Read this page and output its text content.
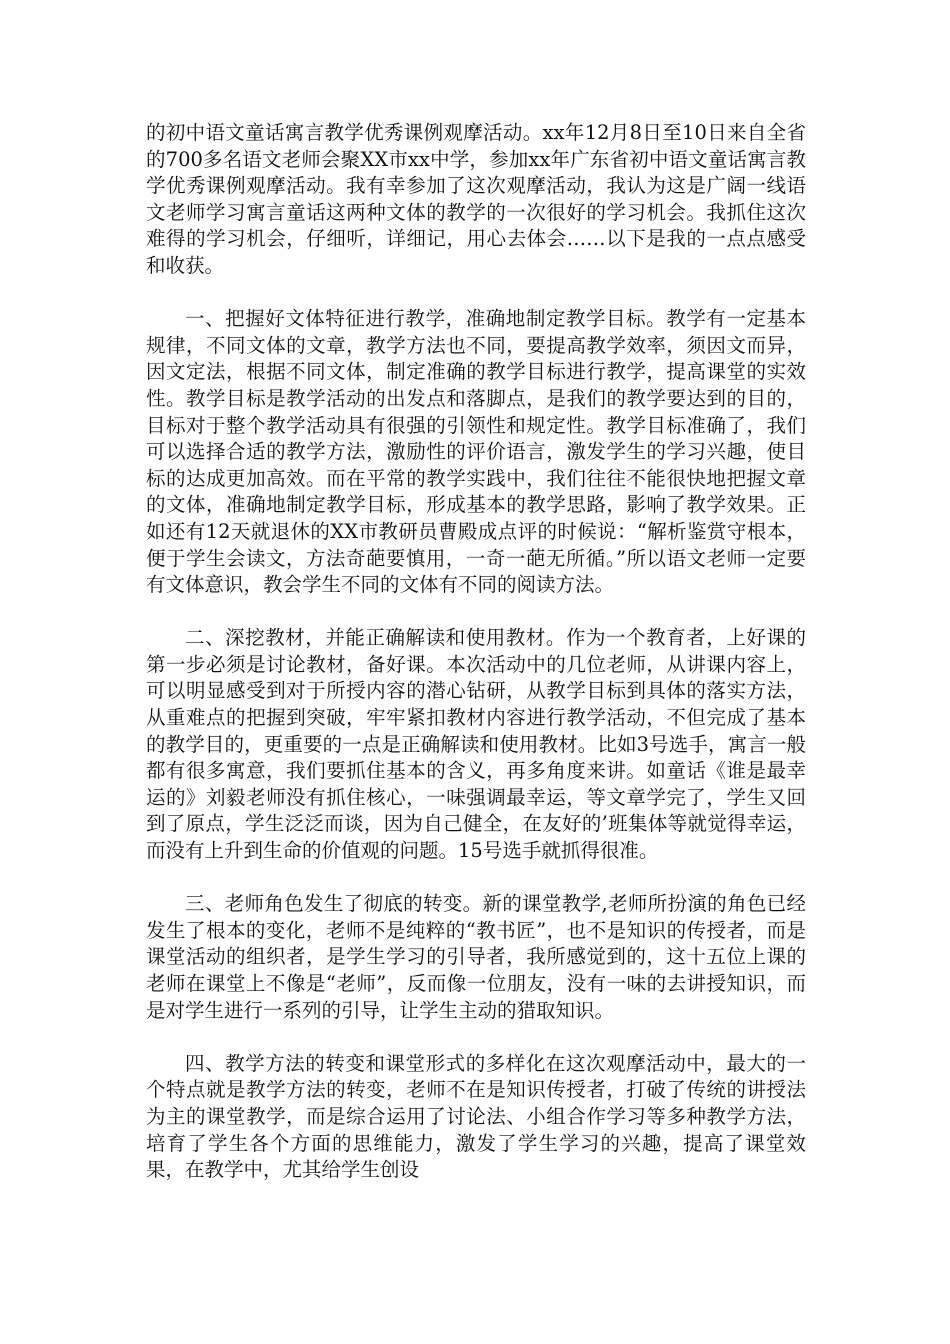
的初中语文童话寓言教学优秀课例观摩活动。xx年12月8日至10日来自全省的700多名语文老师会聚XX市xx中学，参加xx年广东省初中语文童话寓言教学优秀课例观摩活动。我有幸参加了这次观摩活动，我认为这是广阔一线语文老师学习寓言童话这两种文体的教学的一次很好的学习机会。我抓住这次难得的学习机会，仔细听，详细记，用心去体会……以下是我的一点点感受和收获。

一、把握好文体特征进行教学，准确地制定教学目标。教学有一定基本规律，不同文体的文章，教学方法也不同，要提高教学效率，须因文而异，因文定法，根据不同文体，制定准确的教学目标进行教学，提高课堂的实效性。教学目标是教学活动的出发点和落脚点，是我们的教学要达到的目的，目标对于整个教学活动具有很强的引领性和规定性。教学目标准确了，我们可以选择合适的教学方法，激励性的评价语言，激发学生的学习兴趣，使目标的达成更加高效。而在平常的教学实践中，我们往往不能很快地把握文章的文体，准确地制定教学目标，形成基本的教学思路，影响了教学效果。正如还有12天就退休的XX市教研员曹殿成点评的时候说：“解析鉴赏守根本，便于学生会读文，方法奇葩要慎用，一奇一葩无所循。”所以语文老师一定要有文体意识，教会学生不同的文体有不同的阅读方法。

二、深挖教材，并能正确解读和使用教材。作为一个教育者，上好课的第一步必须是讨论教材，备好课。本次活动中的几位老师，从讲课内容上，可以明显感受到对于所授内容的潜心钻研，从教学目标到具体的落实方法，从重难点的把握到突破，牢牢紧扣教材内容进行教学活动，不但完成了基本的教学目的，更重要的一点是正确解读和使用教材。比如3号选手，寓言一般都有很多寓意，我们要抓住基本的含义，再多角度来讲。如童话《谁是最幸运的》刘毅老师没有抓住核心，一味强调最幸运，等文章学完了，学生又回到了原点，学生泛泛而谈，因为自己健全，在友好的’班集体等就觉得幸运，而没有上升到生命的价值观的问题。15号选手就抓得很准。

三、老师角色发生了彻底的转变。新的课堂教学,老师所扮演的角色已经发生了根本的变化，老师不是纯粹的“教书匠”，也不是知识的传授者，而是课堂活动的组织者，是学生学习的引导者，我所感觉到的，这十五位上课的老师在课堂上不像是“老师”，反而像一位朋友，没有一味的去讲授知识，而是对学生进行一系列的引导，让学生主动的猎取知识。

四、教学方法的转变和课堂形式的多样化在这次观摩活动中，最大的一个特点就是教学方法的转变，老师不在是知识传授者，打破了传统的讲授法为主的课堂教学，而是综合运用了讨论法、小组合作学习等多种教学方法，培育了学生各个方面的思维能力，激发了学生学习的兴趣，提高了课堂效果，在教学中，尤其给学生创设
